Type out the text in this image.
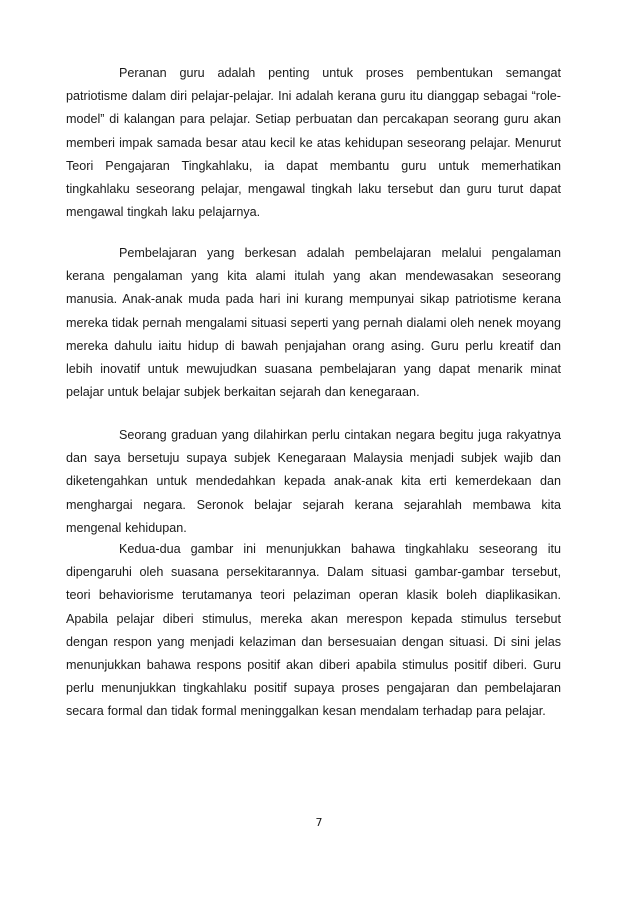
Peranan guru adalah penting untuk proses pembentukan semangat patriotisme dalam diri pelajar-pelajar. Ini adalah kerana guru itu dianggap sebagai “role-model” di kalangan para pelajar. Setiap perbuatan dan percakapan seorang guru akan memberi impak samada besar atau kecil ke atas kehidupan seseorang pelajar. Menurut Teori Pengajaran Tingkahlaku, ia dapat membantu guru untuk memerhatikan tingkahlaku seseorang pelajar, mengawal tingkah laku tersebut dan guru turut dapat mengawal tingkah laku pelajarnya.

Pembelajaran yang berkesan adalah pembelajaran melalui pengalaman kerana pengalaman yang kita alami itulah yang akan mendewasakan seseorang manusia. Anak-anak muda pada hari ini kurang mempunyai sikap patriotisme kerana mereka tidak pernah mengalami situasi seperti yang pernah dialami oleh nenek moyang mereka dahulu iaitu hidup di bawah penjajahan orang asing. Guru perlu kreatif dan lebih inovatif untuk mewujudkan suasana pembelajaran yang dapat menarik minat pelajar untuk belajar subjek berkaitan sejarah dan kenegaraan.

Seorang graduan yang dilahirkan perlu cintakan negara begitu juga rakyatnya dan saya bersetuju supaya subjek Kenegaraan Malaysia menjadi subjek wajib dan diketengahkan untuk mendedahkan kepada anak-anak kita erti kemerdekaan dan menghargai negara. Seronok belajar sejarah kerana sejarahlah membawa kita mengenal kehidupan.

Kedua-dua gambar ini menunjukkan bahawa tingkahlaku seseorang itu dipengaruhi oleh suasana persekitarannya. Dalam situasi gambar-gambar tersebut, teori behaviorisme terutamanya teori pelaziman operan klasik boleh diaplikasikan. Apabila pelajar diberi stimulus, mereka akan merespon kepada stimulus tersebut dengan respon yang menjadi kelaziman dan bersesuaian dengan situasi. Di sini jelas menunjukkan bahawa respons positif akan diberi apabila stimulus positif diberi. Guru perlu menunjukkan tingkahlaku positif supaya proses pengajaran dan pembelajaran secara formal dan tidak formal meninggalkan kesan mendalam terhadap para pelajar.

7
